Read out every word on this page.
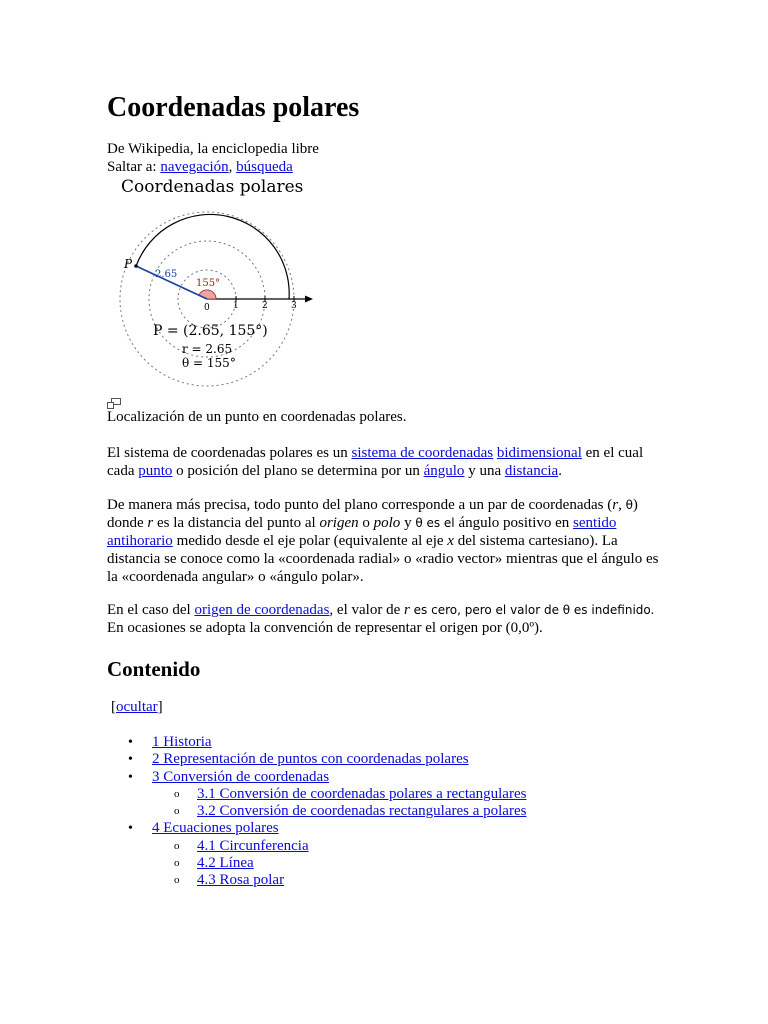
Coordenadas polares
De Wikipedia, la enciclopedia libre
Saltar a: navegación, búsqueda
Coordenadas polares
P
2.65
155°
0	1	2	3
P = (2.65, 155°)
r = 2.65
θ = 155°
Localización de un punto en coordenadas polares.
El sistema de coordenadas polares es un sistema de coordenadas bidimensional en el cual cada punto o posición del plano se determina por un ángulo y una distancia.
De manera más precisa, todo punto del plano corresponde a un par de coordenadas (r, θ) donde r es la distancia del punto al origen o polo y θ es el ángulo positivo en sentido antihorario medido desde el eje polar (equivalente al eje x del sistema cartesiano). La distancia se conoce como la «coordenada radial» o «radio vector» mientras que el ángulo es la «coordenada angular» o «ángulo polar».
En el caso del origen de coordenadas, el valor de r es cero, pero el valor de θ es indefinido.
En ocasiones se adopta la convención de representar el origen por (0,0º).
Contenido
[ocultar]
• 1 Historia
• 2 Representación de puntos con coordenadas polares
• 3 Conversión de coordenadas
o 3.1 Conversión de coordenadas polares a rectangulares
o 3.2 Conversión de coordenadas rectangulares a polares
• 4 Ecuaciones polares
o 4.1 Circunferencia
o 4.2 Línea
o 4.3 Rosa polar
